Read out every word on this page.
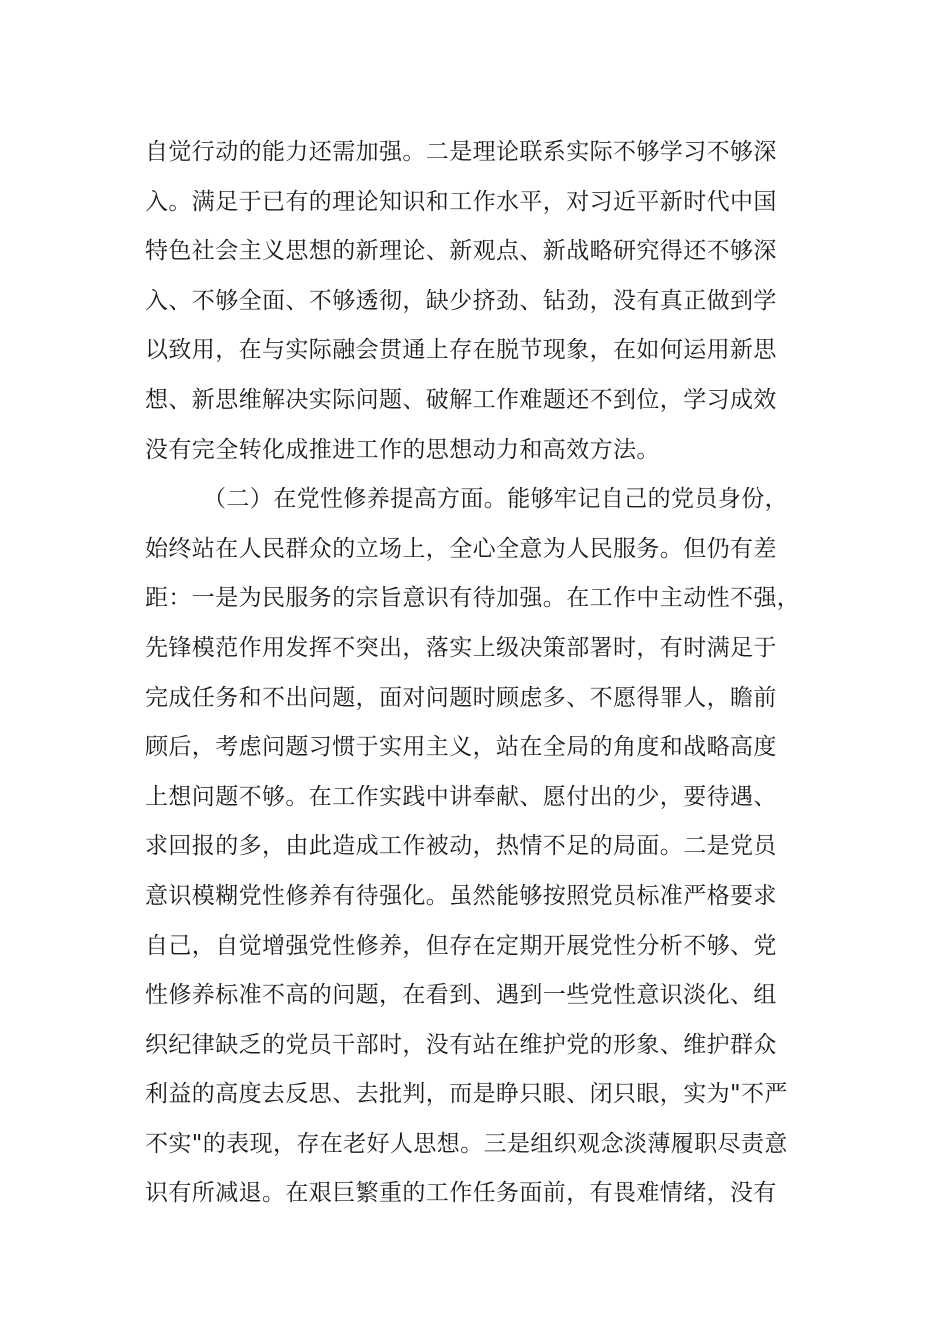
自觉行动的能力还需加强。二是理论联系实际不够学习不够深
入。满足于已有的理论知识和工作水平，对习近平新时代中国
特色社会主义思想的新理论、新观点、新战略研究得还不够深
入、不够全面、不够透彻，缺少挤劲、钻劲，没有真正做到学
以致用，在与实际融会贯通上存在脱节现象，在如何运用新思
想、新思维解决实际问题、破解工作难题还不到位，学习成效
没有完全转化成推进工作的思想动力和高效方法。
（二）在党性修养提高方面。能够牢记自己的党员身份，
始终站在人民群众的立场上，全心全意为人民服务。但仍有差
距：一是为民服务的宗旨意识有待加强。在工作中主动性不强，
先锋模范作用发挥不突出，落实上级决策部署时，有时满足于
完成任务和不出问题，面对问题时顾虑多、不愿得罪人，瞻前
顾后，考虑问题习惯于实用主义，站在全局的角度和战略高度
上想问题不够。在工作实践中讲奉献、愿付出的少，要待遇、
求回报的多，由此造成工作被动，热情不足的局面。二是党员
意识模糊党性修养有待强化。虽然能够按照党员标准严格要求
自己，自觉增强党性修养，但存在定期开展党性分析不够、党
性修养标准不高的问题，在看到、遇到一些党性意识淡化、组
织纪律缺乏的党员干部时，没有站在维护党的形象、维护群众
利益的高度去反思、去批判，而是睁只眼、闭只眼，实为"不严
不实"的表现，存在老好人思想。三是组织观念淡薄履职尽责意
识有所减退。在艰巨繁重的工作任务面前，有畏难情绪，没有
